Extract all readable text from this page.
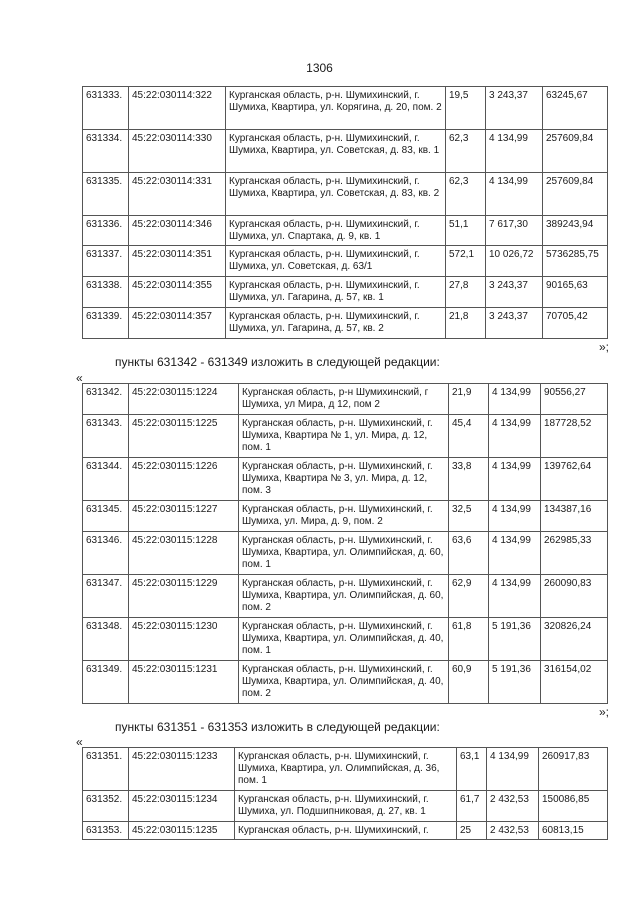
1306
631333.	45:22:030114:322	Курганская область, р-н. Шумихинский, г. Шумиха, Квартира, ул. Корягина, д. 20, пом. 2	19,5	3 243,37	63245,67
631334.	45:22:030114:330	Курганская область, р-н. Шумихинский, г. Шумиха, Квартира, ул. Советская, д. 83, кв. 1	62,3	4 134,99	257609,84
631335.	45:22:030114:331	Курганская область, р-н. Шумихинский, г. Шумиха, Квартира, ул. Советская, д. 83, кв. 2	62,3	4 134,99	257609,84
631336.	45:22:030114:346	Курганская область, р-н. Шумихинский, г. Шумиха, ул. Спартака, д. 9, кв. 1	51,1	7 617,30	389243,94
631337.	45:22:030114:351	Курганская область, р-н. Шумихинский, г. Шумиха, ул. Советская, д. 63/1	572,1	10 026,72	5736285,75
631338.	45:22:030114:355	Курганская область, р-н. Шумихинский, г. Шумиха, ул. Гагарина, д. 57, кв. 1	27,8	3 243,37	90165,63
631339.	45:22:030114:357	Курганская область, р-н. Шумихинский, г. Шумиха, ул. Гагарина, д. 57, кв. 2	21,8	3 243,37	70705,42
»;
пункты 631342 - 631349 изложить в следующей редакции:
«
631342.	45:22:030115:1224	Курганская область, р-н Шумихинский, г Шумиха, ул Мира, д 12, пом 2	21,9	4 134,99	90556,27
631343.	45:22:030115:1225	Курганская область, р-н. Шумихинский, г. Шумиха, Квартира № 1, ул. Мира, д. 12, пом. 1	45,4	4 134,99	187728,52
631344.	45:22:030115:1226	Курганская область, р-н. Шумихинский, г. Шумиха, Квартира № 3, ул. Мира, д. 12, пом. 3	33,8	4 134,99	139762,64
631345.	45:22:030115:1227	Курганская область, р-н. Шумихинский, г. Шумиха, ул. Мира, д. 9, пом. 2	32,5	4 134,99	134387,16
631346.	45:22:030115:1228	Курганская область, р-н. Шумихинский, г. Шумиха, Квартира, ул. Олимпийская, д. 60, пом. 1	63,6	4 134,99	262985,33
631347.	45:22:030115:1229	Курганская область, р-н. Шумихинский, г. Шумиха, Квартира, ул. Олимпийская, д. 60, пом. 2	62,9	4 134,99	260090,83
631348.	45:22:030115:1230	Курганская область, р-н. Шумихинский, г. Шумиха, Квартира, ул. Олимпийская, д. 40, пом. 1	61,8	5 191,36	320826,24
631349.	45:22:030115:1231	Курганская область, р-н. Шумихинский, г. Шумиха, Квартира, ул. Олимпийская, д. 40, пом. 2	60,9	5 191,36	316154,02
»;
пункты 631351 - 631353 изложить в следующей редакции:
«
631351.	45:22:030115:1233	Курганская область, р-н. Шумихинский, г. Шумиха, Квартира, ул. Олимпийская, д. 36, пом. 1	63,1	4 134,99	260917,83
631352.	45:22:030115:1234	Курганская область, р-н. Шумихинский, г. Шумиха, ул. Подшипниковая, д. 27, кв. 1	61,7	2 432,53	150086,85
631353.	45:22:030115:1235	Курганская область, р-н. Шумихинский, г.	25	2 432,53	60813,15
